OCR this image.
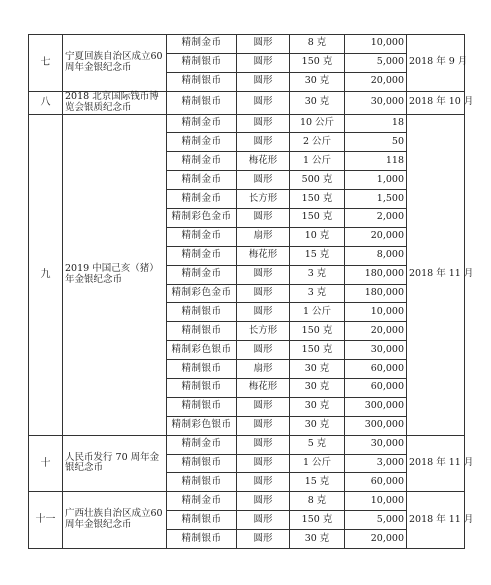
七	宁夏回族自治区成立60周年金银纪念币	精制金币	圆形	8 克	10,000	2018 年 9 月
		精制银币	圆形	150 克	5,000	
		精制银币	圆形	30 克	20,000	
八	2018 北京国际钱币博览会银质纪念币	精制银币	圆形	30 克	30,000	2018 年 10 月
九	2019 中国己亥（猪）年金银纪念币	精制金币	圆形	10 公斤	18	2018 年 11 月
		精制金币	圆形	2 公斤	50	
		精制金币	梅花形	1 公斤	118	
		精制金币	圆形	500 克	1,000	
		精制金币	长方形	150 克	1,500	
		精制彩色金币	圆形	150 克	2,000	
		精制金币	扇形	10 克	20,000	
		精制金币	梅花形	15 克	8,000	
		精制金币	圆形	3 克	180,000	
		精制彩色金币	圆形	3 克	180,000	
		精制银币	圆形	1 公斤	10,000	
		精制银币	长方形	150 克	20,000	
		精制彩色银币	圆形	150 克	30,000	
		精制银币	扇形	30 克	60,000	
		精制银币	梅花形	30 克	60,000	
		精制银币	圆形	30 克	300,000	
		精制彩色银币	圆形	30 克	300,000	
十	人民币发行 70 周年金银纪念币	精制金币	圆形	5 克	30,000	2018 年 11 月
		精制银币	圆形	1 公斤	3,000	
		精制银币	圆形	15 克	60,000	
十一	广西壮族自治区成立60周年金银纪念币	精制金币	圆形	8 克	10,000	2018 年 11 月
		精制银币	圆形	150 克	5,000	
		精制银币	圆形	30 克	20,000	
